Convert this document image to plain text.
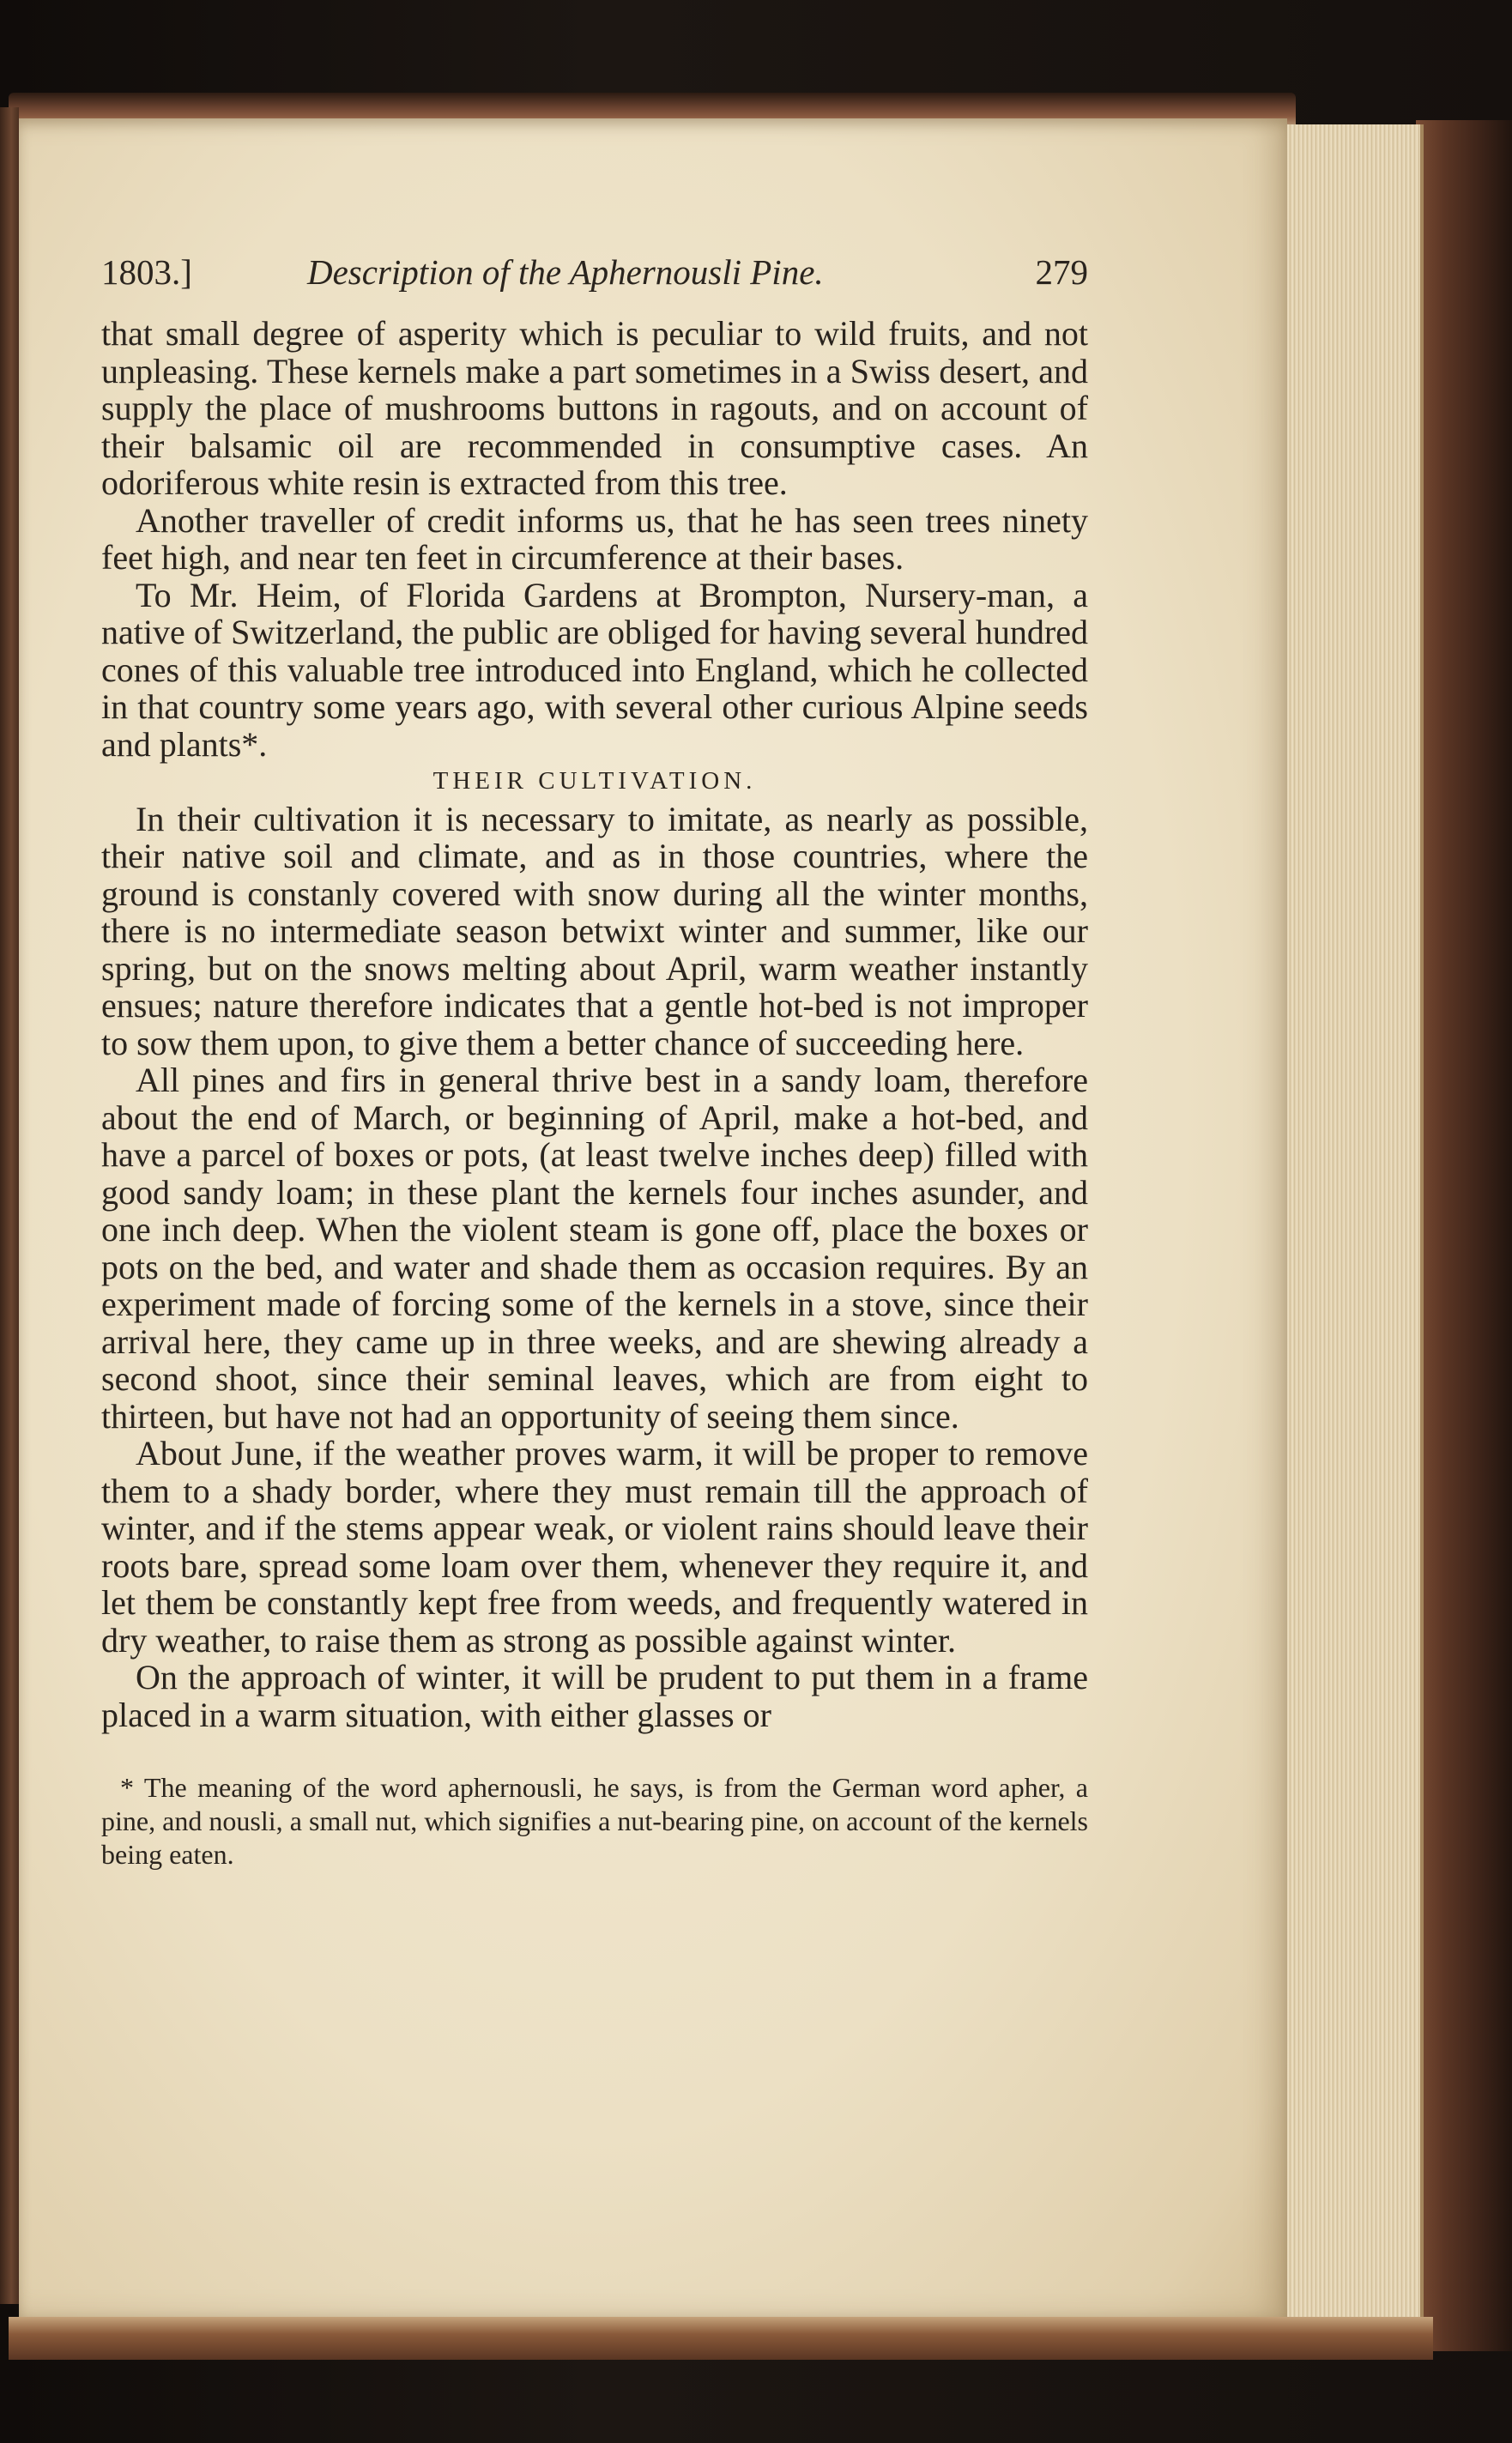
1803.]	Description of the Aphernousli Pine.	279

that small degree of asperity which is peculiar to wild fruits, and not unpleasing. These kernels make a part sometimes in a Swiss desert, and supply the place of mushrooms buttons in ragouts, and on account of their balsamic oil are recommended in consumptive cases. An odoriferous white resin is extracted from this tree.

Another traveller of credit informs us, that he has seen trees ninety feet high, and near ten feet in circumference at their bases.

To Mr. Heim, of Florida Gardens at Brompton, Nursery-man, a native of Switzerland, the public are obliged for having several hundred cones of this valuable tree introduced into England, which he collected in that country some years ago, with several other curious Alpine seeds and plants*.

THEIR CULTIVATION.

In their cultivation it is necessary to imitate, as nearly as possible, their native soil and climate, and as in those countries, where the ground is constanly covered with snow during all the winter months, there is no intermediate season betwixt winter and summer, like our spring, but on the snows melting about April, warm weather instantly ensues; nature therefore indicates that a gentle hot-bed is not improper to sow them upon, to give them a better chance of succeeding here.

All pines and firs in general thrive best in a sandy loam, therefore about the end of March, or beginning of April, make a hot-bed, and have a parcel of boxes or pots, (at least twelve inches deep) filled with good sandy loam; in these plant the kernels four inches asunder, and one inch deep. When the violent steam is gone off, place the boxes or pots on the bed, and water and shade them as occasion requires. By an experiment made of forcing some of the kernels in a stove, since their arrival here, they came up in three weeks, and are shewing already a second shoot, since their seminal leaves, which are from eight to thirteen, but have not had an opportunity of seeing them since.

About June, if the weather proves warm, it will be proper to remove them to a shady border, where they must remain till the approach of winter, and if the stems appear weak, or violent rains should leave their roots bare, spread some loam over them, whenever they require it, and let them be constantly kept free from weeds, and frequently watered in dry weather, to raise them as strong as possible against winter.

On the approach of winter, it will be prudent to put them in a frame placed in a warm situation, with either glasses or

* The meaning of the word aphernousli, he says, is from the German word apher, a pine, and nousli, a small nut, which signifies a nut-bearing pine, on account of the kernels being eaten.
